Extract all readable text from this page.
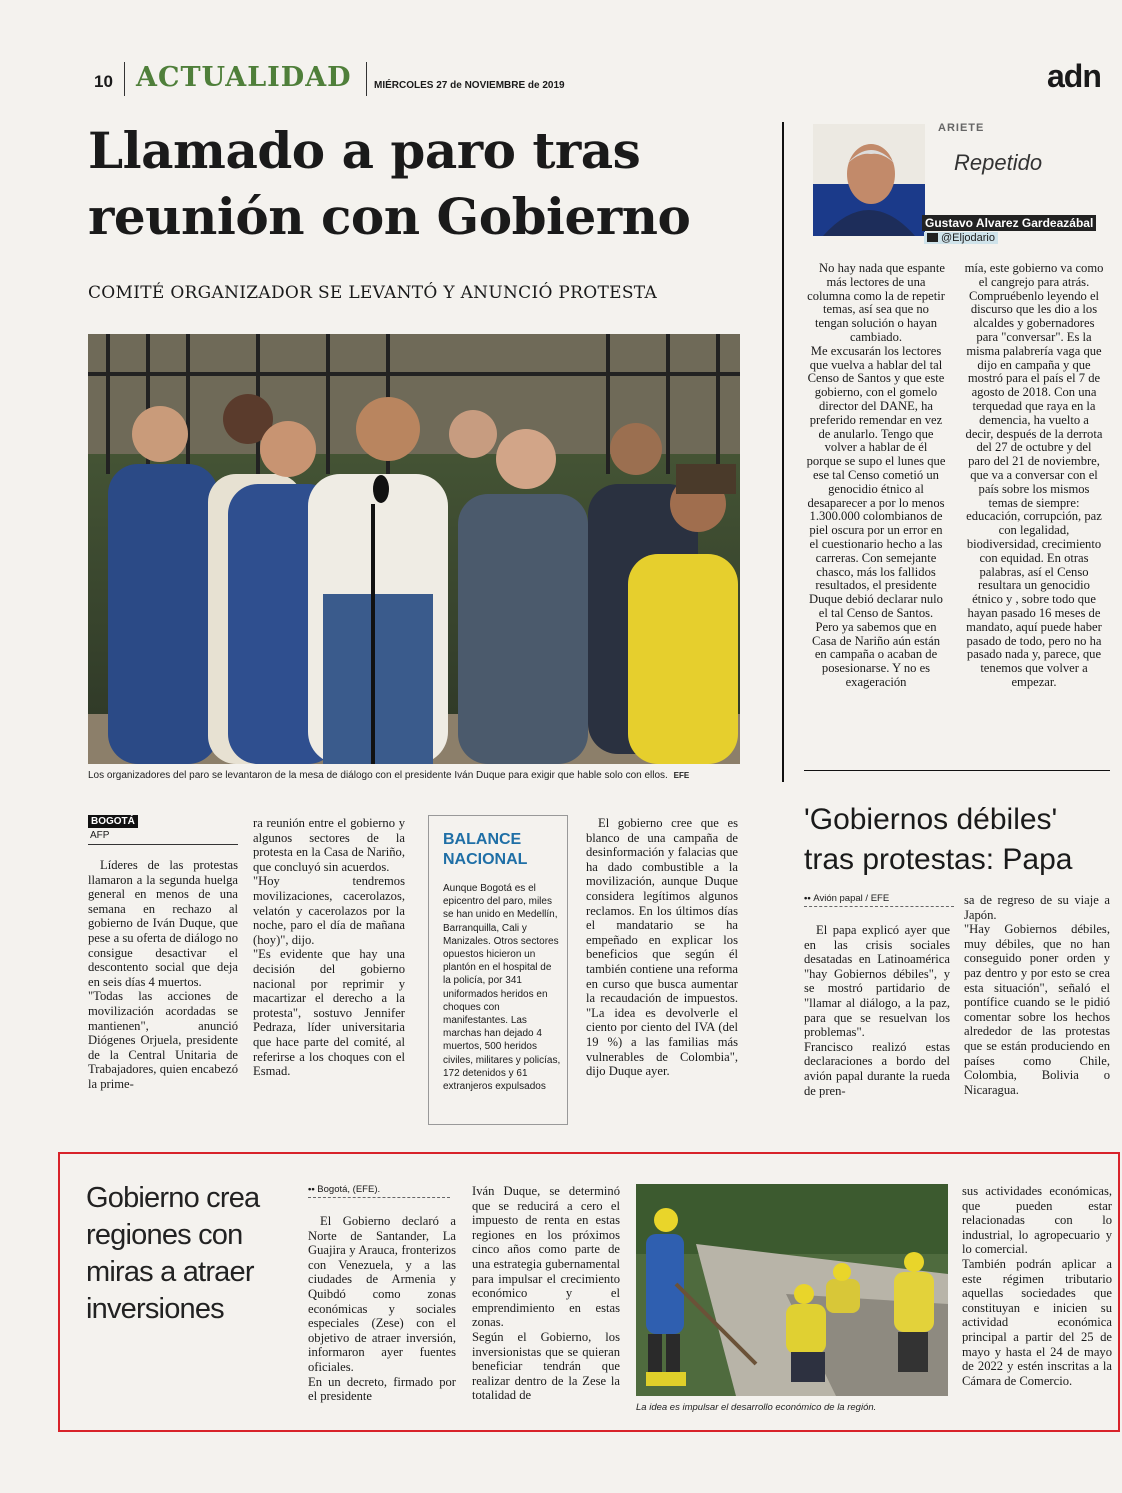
10 ACTUALIDAD MIÉRCOLES 27 de NOVIEMBRE de 2019	adn
Llamado a paro tras
reunión con Gobierno
COMITÉ ORGANIZADOR SE LEVANTÓ Y ANUNCIÓ PROTESTA
Los organizadores del paro se levantaron de la mesa de diálogo con el presidente Iván Duque para exigir que hable solo con ellos. EFE
BOGOTÁ
AFP
Líderes de las protestas llamaron a la segunda huelga general en menos de una semana en rechazo al gobierno de Iván Duque, que pese a su oferta de diálogo no consigue desactivar el descontento social que deja en seis días 4 muertos.
"Todas las acciones de movilización acordadas se mantienen", anunció Diógenes Orjuela, presidente de la Central Unitaria de Trabajadores, quien encabezó la prime-
ra reunión entre el gobierno y algunos sectores de la protesta en la Casa de Nariño, que concluyó sin acuerdos.
"Hoy tendremos movilizaciones, cacerolazos, velatón y cacerolazos por la noche, paro el día de mañana (hoy)", dijo.
"Es evidente que hay una decisión del gobierno nacional por reprimir y macartizar el derecho a la protesta", sostuvo Jennifer Pedraza, líder universitaria que hace parte del comité, al referirse a los choques con el Esmad.
BALANCE
NACIONAL
Aunque Bogotá es el epicentro del paro, miles se han unido en Medellín, Barranquilla, Cali y Manizales. Otros sectores opuestos hicieron un plantón en el hospital de la policía, por 341 uniformados heridos en choques con manifestantes. Las marchas han dejado 4 muertos, 500 heridos civiles, militares y policías, 172 detenidos y 61 extranjeros expulsados
El gobierno cree que es blanco de una campaña de desinformación y falacias que ha dado combustible a la movilización, aunque Duque considera legítimos algunos reclamos. En los últimos días el mandatario se ha empeñado en explicar los beneficios que según él también contiene una reforma en curso que busca aumentar la recaudación de impuestos. "La idea es devolverle el ciento por ciento del IVA (del 19 %) a las familias más vulnerables de Colombia", dijo Duque ayer.
ARIETE
Repetido
Gustavo Alvarez Gardeazábal
@Eljodario
No hay nada que espante más lectores de una columna como la de repetir temas, así sea que no tengan solución o hayan cambiado.
Me excusarán los lectores que vuelva a hablar del tal Censo de Santos y que este gobierno, con el gomelo director del DANE, ha preferido remendar en vez de anularlo. Tengo que volver a hablar de él porque se supo el lunes que ese tal Censo cometió un genocidio étnico al desaparecer a por lo menos 1.300.000 colombianos de piel oscura por un error en el cuestionario hecho a las carreras. Con semejante chasco, más los fallidos resultados, el presidente Duque debió declarar nulo el tal Censo de Santos. Pero ya sabemos que en Casa de Nariño aún están en campaña o acaban de posesionarse. Y no es exageración
mía, este gobierno va como el cangrejo para atrás. Compruébenlo leyendo el discurso que les dio a los alcaldes y gobernadores para "conversar". Es la misma palabrería vaga que dijo en campaña y que mostró para el país el 7 de agosto de 2018. Con una terquedad que raya en la demencia, ha vuelto a decir, después de la derrota del 27 de octubre y del paro del 21 de noviembre, que va a conversar con el país sobre los mismos temas de siempre: educación, corrupción, paz con legalidad, biodiversidad, crecimiento con equidad. En otras palabras, así el Censo resultara un genocidio étnico y , sobre todo que hayan pasado 16 meses de mandato, aquí puede haber pasado de todo, pero no ha pasado nada y, parece, que tenemos que volver a empezar.
'Gobiernos débiles'
tras protestas: Papa
•• Avión papal / EFE
El papa explicó ayer que en las crisis sociales desatadas en Latinoamérica "hay Gobiernos débiles", y se mostró partidario de "llamar al diálogo, a la paz, para que se resuelvan los problemas".
Francisco realizó estas declaraciones a bordo del avión papal durante la rueda de pren-
sa de regreso de su viaje a Japón.
"Hay Gobiernos débiles, muy débiles, que no han conseguido poner orden y paz dentro y por esto se crea esta situación", señaló el pontífice cuando se le pidió comentar sobre los hechos alrededor de las protestas que se están produciendo en países como Chile, Colombia, Bolivia o Nicaragua.
Gobierno crea
regiones con
miras a atraer
inversiones
•• Bogotá, (EFE).
El Gobierno declaró a Norte de Santander, La Guajira y Arauca, fronterizos con Venezuela, y a las ciudades de Armenia y Quibdó como zonas económicas y sociales especiales (Zese) con el objetivo de atraer inversión, informaron ayer fuentes oficiales.
En un decreto, firmado por el presidente
Iván Duque, se determinó que se reducirá a cero el impuesto de renta en estas regiones en los próximos cinco años como parte de una estrategia gubernamental para impulsar el crecimiento económico y el emprendimiento en estas zonas.
Según el Gobierno, los inversionistas que se quieran beneficiar tendrán que realizar dentro de la Zese la totalidad de
La idea es impulsar el desarrollo económico de la región.
sus actividades económicas, que pueden estar relacionadas con lo industrial, lo agropecuario y lo comercial.
También podrán aplicar a este régimen tributario aquellas sociedades que constituyan e inicien su actividad económica principal a partir del 25 de mayo y hasta el 24 de mayo de 2022 y estén inscritas a la Cámara de Comercio.
